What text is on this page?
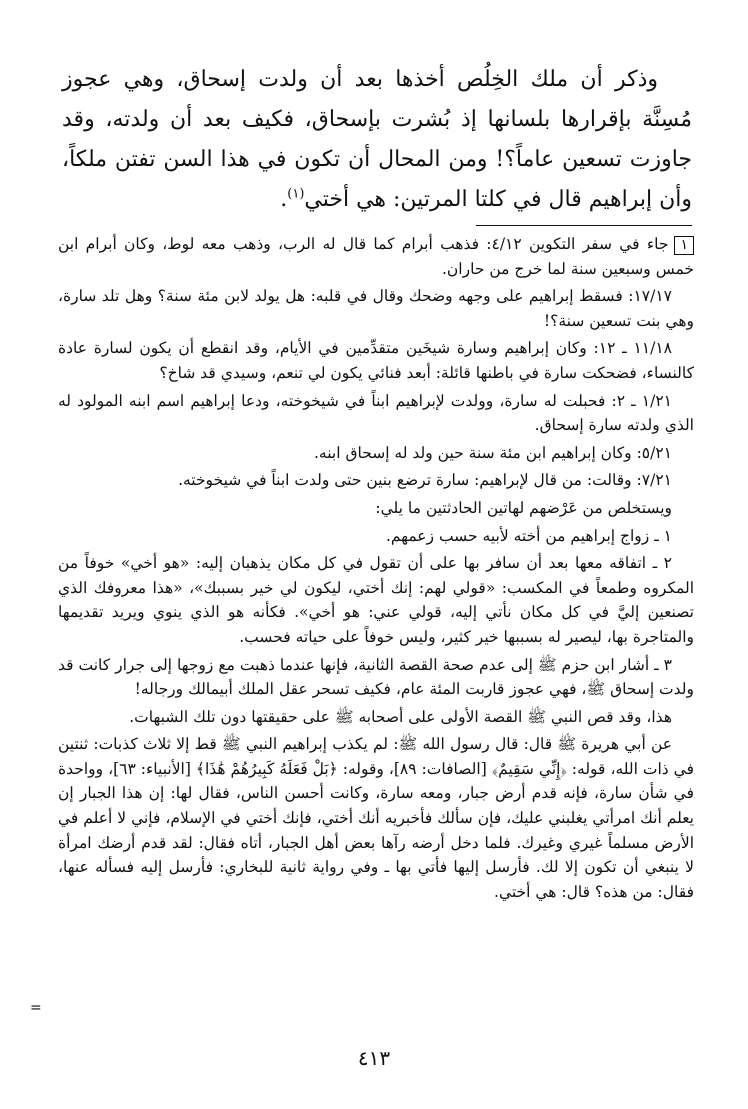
وذكر أن ملك الخِلُص أخذها بعد أن ولدت إسحاق، وهي عجوز مُسِنَّة بإقرارها بلسانها إذ بُشرت بإسحاق، فكيف بعد أن ولدته، وقد جاوزت تسعين عاماً؟! ومن المحال أن تكون في هذا السن تفتن ملكاً، وأن إبراهيم قال في كلتا المرتين: هي أختي$^{(١)}$.

١جاء في سفر التكوين ٤/١٢: فذهب أبرام كما قال له الرب، وذهب معه لوط، وكان أبرام ابن خمس وسبعين سنة لما خرج من حاران.

١٧/١٧: فسقط إبراهيم على وجهه وضحك وقال في قلبه: هل يولد لابن مئة سنة؟ وهل تلد سارة، وهي بنت تسعين سنة؟!

١١/١٨ ـ ١٢: وكان إبراهيم وسارة شيخَين متقدِّمين في الأيام، وقد انقطع أن يكون لسارة عادة كالنساء، فضحكت سارة في باطنها قائلة: أبعد فنائي يكون لي تنعم، وسيدي قد شاخ؟

١/٢١ ـ ٢: فحبلت له سارة، وولدت لإبراهيم ابناً في شيخوخته، ودعا إبراهيم اسم ابنه المولود له الذي ولدته سارة إسحاق.

٥/٢١: وكان إبراهيم ابن مئة سنة حين ولد له إسحاق ابنه.

٧/٢١: وقالت: من قال لإبراهيم: سارة ترضع بنين حتى ولدت ابناً في شيخوخته.

ويستخلص من عَرْضهم لهاتين الحادثتين ما يلي:

١ ـ زواج إبراهيم من أخته لأبيه حسب زعمهم.

٢ ـ اتفاقه معها بعد أن سافر بها على أن تقول في كل مكان يذهبان إليه: «هو أخي» خوفاً من المكروه وطمعاً في المكسب: «قولي لهم: إنك أختي، ليكون لي خير بسببك»، «هذا معروفك الذي تصنعين إليَّ في كل مكان نأتي إليه، قولي عني: هو أخي». فكأنه هو الذي ينوي ويريد تقديمها والمتاجرة بها، ليصير له بسببها خير كثير، وليس خوفاً على حياته فحسب.

٣ ـ أشار ابن حزم ﷺ إلى عدم صحة القصة الثانية، فإنها عندما ذهبت مع زوجها إلى جرار كانت قد ولدت إسحاق ﷺ، فهي عجوز قاربت المئة عام، فكيف تسحر عقل الملك أبيمالك ورجاله!

هذا، وقد قص النبي ﷺ القصة الأولى على أصحابه ﷺ على حقيقتها دون تلك الشبهات.

عن أبي هريرة ﷺ قال: قال رسول الله ﷺ: لم يكذب إبراهيم النبي ﷺ قط إلا ثلاث كذبات: ثنتين في ذات الله، قوله: ﴿إِنِّي سَقِيمٌ﴾ [الصافات: ٨٩]، وقوله: ﴿بَلْ فَعَلَهُ كَبِيرُهُمْ هَٰذَا﴾ [الأنبياء: ٦٣]، وواحدة في شأن سارة، فإنه قدم أرض جبار، ومعه سارة، وكانت أحسن الناس، فقال لها: إن هذا الجبار إن يعلم أنك امرأتي يغلبني عليك، فإن سألك فأخبريه أنك أختي، فإنك أختي في الإسلام، فإني لا أعلم في الأرض مسلماً غيري وغيرك. فلما دخل أرضه رآها بعض أهل الجبار، أتاه فقال: لقد قدم أرضك امرأة لا ينبغي أن تكون إلا لك. فأرسل إليها فأتي بها ـ وفي رواية ثانية للبخاري: فأرسل إليه فسأله عنها، فقال: من هذه؟ قال: هي أختي.

=
٤١٣
